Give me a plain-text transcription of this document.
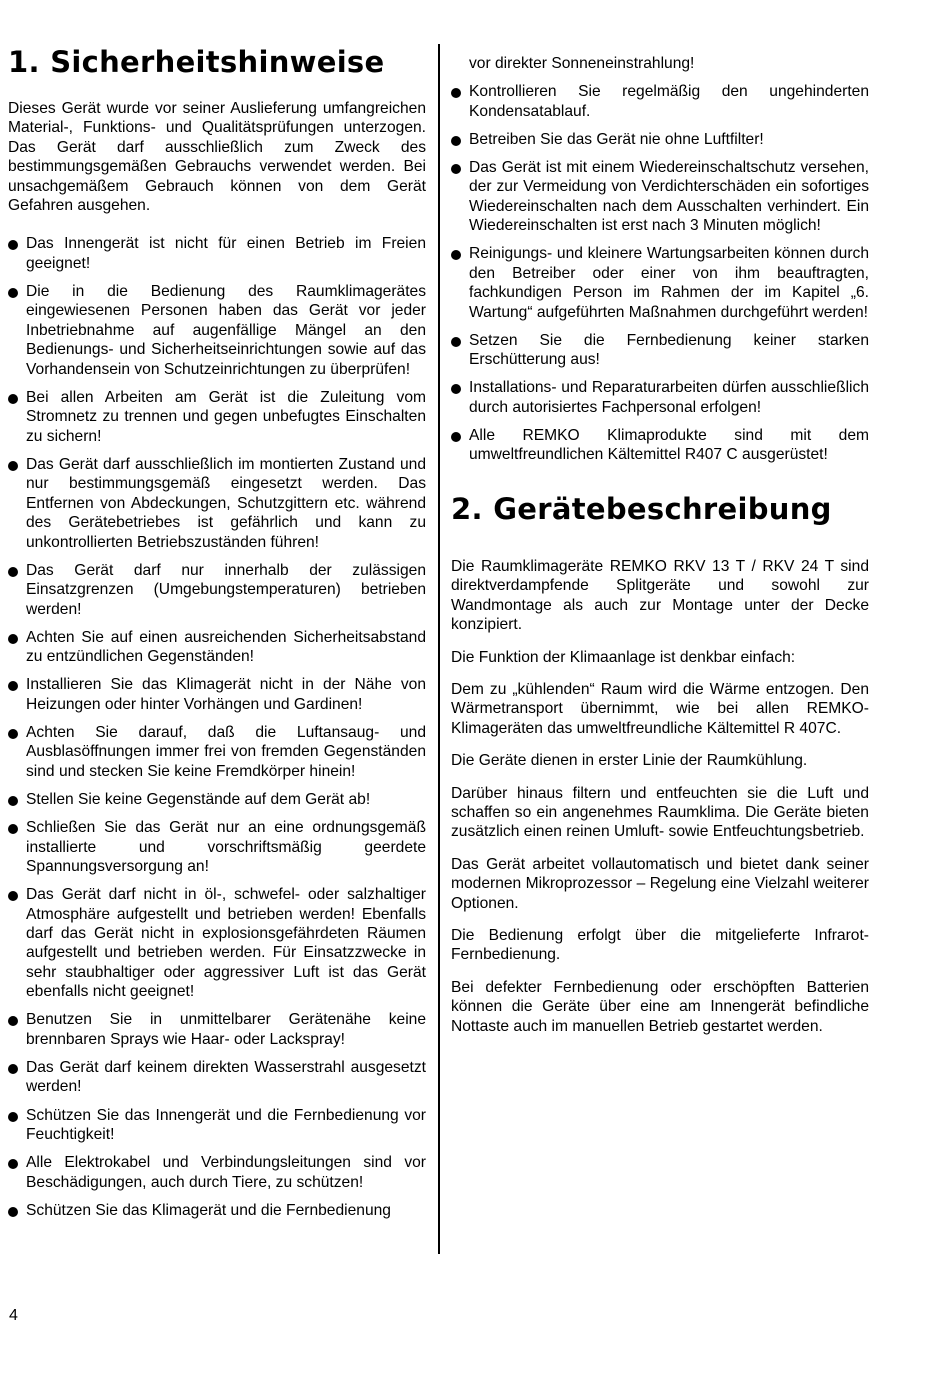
1. Sicherheitshinweise

Dieses Gerät wurde vor seiner Auslieferung umfangreichen Material-, Funktions- und Qualitätsprüfungen unterzogen. Das Gerät darf ausschließlich zum Zweck des bestimmungsgemäßen Gebrauchs verwendet werden. Bei unsachgemäßem Gebrauch können von dem Gerät Gefahren ausgehen.

Das Innengerät ist nicht für einen Betrieb im Freien geeignet!
Die in die Bedienung des Raumklimagerätes eingewiesenen Personen haben das Gerät vor jeder Inbetriebnahme auf augenfällige Mängel an den Bedienungs- und Sicherheitseinrichtungen sowie auf das Vorhandensein von Schutzeinrichtungen zu überprüfen!
Bei allen Arbeiten am Gerät ist die Zuleitung vom Stromnetz zu trennen und gegen unbefugtes Einschalten zu sichern!
Das Gerät darf ausschließlich im montierten Zustand und nur bestimmungsgemäß eingesetzt werden. Das Entfernen von Abdeckungen, Schutzgittern etc. während des Gerätebetriebes ist gefährlich und kann zu unkontrollierten Betriebszuständen führen!
Das Gerät darf nur innerhalb der zulässigen Einsatzgrenzen (Umgebungstemperaturen) betrieben werden!
Achten Sie auf einen ausreichenden Sicherheitsabstand zu entzündlichen Gegenständen!
Installieren Sie das Klimagerät nicht in der Nähe von Heizungen oder hinter Vorhängen und Gardinen!
Achten Sie darauf, daß die Luftansaug- und Ausblasöffnungen immer frei von fremden Gegenständen sind und stecken Sie keine Fremdkörper hinein!
Stellen Sie keine Gegenstände auf dem Gerät ab!
Schließen Sie das Gerät nur an eine ordnungsgemäß installierte und vorschriftsmäßig geerdete Spannungsversorgung an!
Das Gerät darf nicht in öl-, schwefel- oder salzhaltiger Atmosphäre aufgestellt und betrieben werden! Ebenfalls darf das Gerät nicht in explosionsgefährdeten Räumen aufgestellt und betrieben werden. Für Einsatzzwecke in sehr staubhaltiger oder aggressiver Luft ist das Gerät ebenfalls nicht geeignet!
Benutzen Sie in unmittelbarer Gerätenähe keine brennbaren Sprays wie Haar- oder Lackspray!
Das Gerät darf keinem direkten Wasserstrahl ausgesetzt werden!
Schützen Sie das Innengerät und die Fernbedienung vor Feuchtigkeit!
Alle Elektrokabel und Verbindungsleitungen sind vor Beschädigungen, auch durch Tiere, zu schützen!
Schützen Sie das Klimagerät und die Fernbedienung

vor direkter Sonneneinstrahlung!

Kontrollieren Sie regelmäßig den ungehinderten Kondensatablauf.
Betreiben Sie das Gerät nie ohne Luftfilter!
Das Gerät ist mit einem Wiedereinschaltschutz versehen, der zur Vermeidung von Verdichterschäden ein sofortiges Wiedereinschalten nach dem Ausschalten verhindert. Ein Wiedereinschalten ist erst nach 3 Minuten möglich!
Reinigungs- und kleinere Wartungsarbeiten können durch den Betreiber oder einer von ihm beauftragten, fachkundigen Person im Rahmen der im Kapitel „6. Wartung“ aufgeführten Maßnahmen durchgeführt werden!
Setzen Sie die Fernbedienung keiner starken Erschütterung aus!
Installations- und Reparaturarbeiten dürfen ausschließlich durch autorisiertes Fachpersonal erfolgen!
Alle REMKO Klimaprodukte sind mit dem umweltfreundlichen Kältemittel R407 C ausgerüstet!
2. Gerätebeschreibung

Die Raumklimageräte REMKO RKV 13 T / RKV 24 T sind direktverdampfende Splitgeräte und sowohl zur Wandmontage als auch zur Montage unter der Decke konzipiert.

Die Funktion der Klimaanlage ist denkbar einfach:

Dem zu „kühlenden“ Raum wird die Wärme entzogen. Den Wärmetransport übernimmt, wie bei allen REMKO-Klimageräten das umweltfreundliche Kältemittel R 407C.

Die Geräte dienen in erster Linie der Raumkühlung.

Darüber hinaus filtern und entfeuchten sie die Luft und schaffen so ein angenehmes Raumklima. Die Geräte bieten zusätzlich einen reinen Umluft- sowie Entfeuchtungsbetrieb.

Das Gerät arbeitet vollautomatisch und bietet dank seiner modernen Mikroprozessor – Regelung eine Vielzahl weiterer Optionen.

Die Bedienung erfolgt über die mitgelieferte Infrarot-Fernbedienung.

Bei defekter Fernbedienung oder erschöpften Batterien können die Geräte über eine am Innengerät befindliche Nottaste auch im manuellen Betrieb gestartet werden.

4
